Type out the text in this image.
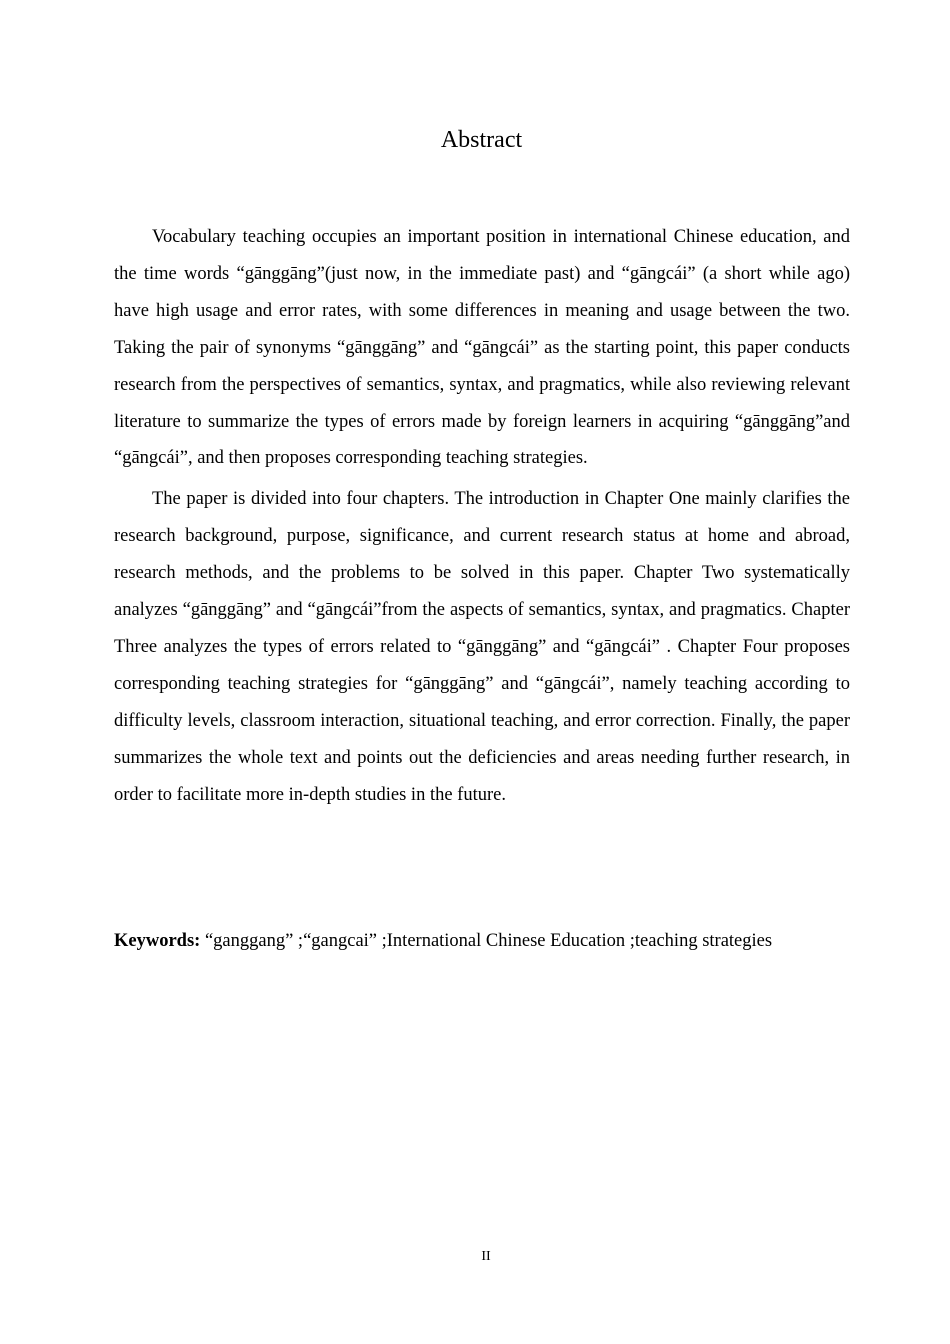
Abstract

Vocabulary teaching occupies an important position in international Chinese education, and the time words “gānggāng”(just now, in the immediate past) and “gāngcái” (a short while ago) have high usage and error rates, with some differences in meaning and usage between the two. Taking the pair of synonyms “gānggāng” and “gāngcái” as the starting point, this paper conducts research from the perspectives of semantics, syntax, and pragmatics, while also reviewing relevant literature to summarize the types of errors made by foreign learners in acquiring “gānggāng”and “gāngcái”, and then proposes corresponding teaching strategies.

The paper is divided into four chapters. The introduction in Chapter One mainly clarifies the research background, purpose, significance, and current research status at home and abroad, research methods, and the problems to be solved in this paper. Chapter Two systematically analyzes “gānggāng” and “gāngcái”from the aspects of semantics, syntax, and pragmatics. Chapter Three analyzes the types of errors related to “gānggāng” and “gāngcái” . Chapter Four proposes corresponding teaching strategies for “gānggāng” and “gāngcái”, namely teaching according to difficulty levels, classroom interaction, situational teaching, and error correction. Finally, the paper summarizes the whole text and points out the deficiencies and areas needing further research, in order to facilitate more in-depth studies in the future.

Keywords: “ganggang” ;“gangcai” ;International Chinese Education ;teaching strategies

II
